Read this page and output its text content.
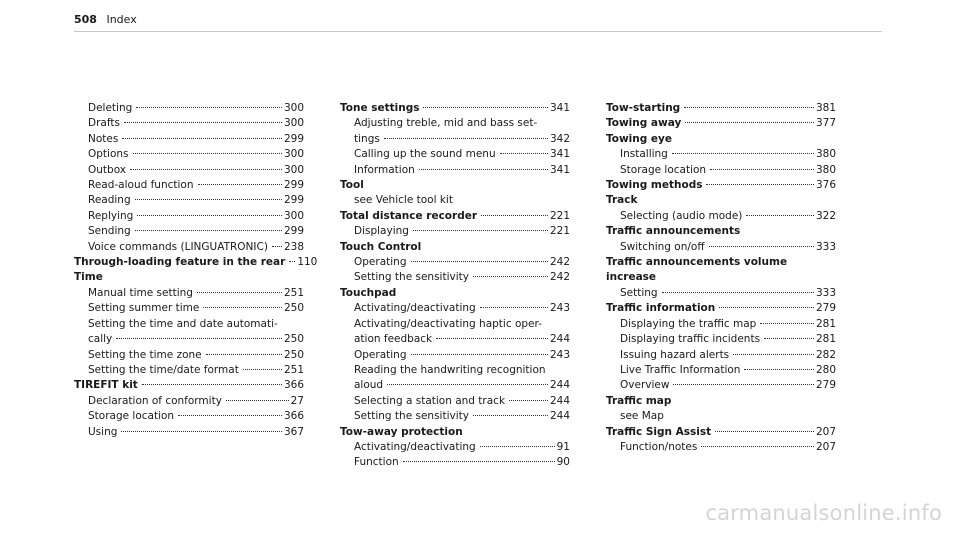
508 Index
Deleting	300
Drafts	300
Notes	299
Options	300
Outbox	300
Read-aloud function	299
Reading	299
Replying	300
Sending	299
Voice commands (LINGUATRONIC) 238
Through-loading feature in the rear 110
Time
Manual time setting	251
Setting summer time	250
Setting the time and date automati-
cally	250
Setting the time zone	250
Setting the time/date format	251
TIREFIT kit	366
Declaration of conformity	27
Storage location	366
Using	367
Tone settings	341
Adjusting treble, mid and bass set-
tings	342
Calling up the sound menu	341
Information	341
Tool
see Vehicle tool kit
Total distance recorder	221
Displaying	221
Touch Control
Operating	242
Setting the sensitivity	242
Touchpad
Activating/deactivating	243
Activating/deactivating haptic oper-
ation feedback	244
Operating	243
Reading the handwriting recognition
aloud	244
Selecting a station and track	244
Setting the sensitivity	244
Tow-away protection
Activating/deactivating	91
Function	90
Tow-starting	381
Towing away	377
Towing eye
Installing	380
Storage location	380
Towing methods	376
Track
Selecting (audio mode)	322
Traffic announcements
Switching on/off	333
Traffic announcements volume
increase
Setting	333
Traffic information	279
Displaying the traffic map	281
Displaying traffic incidents	281
Issuing hazard alerts	282
Live Traffic Information	280
Overview	279
Traffic map
see Map
Traffic Sign Assist	207
Function/notes	207
carmanualsonline.info
